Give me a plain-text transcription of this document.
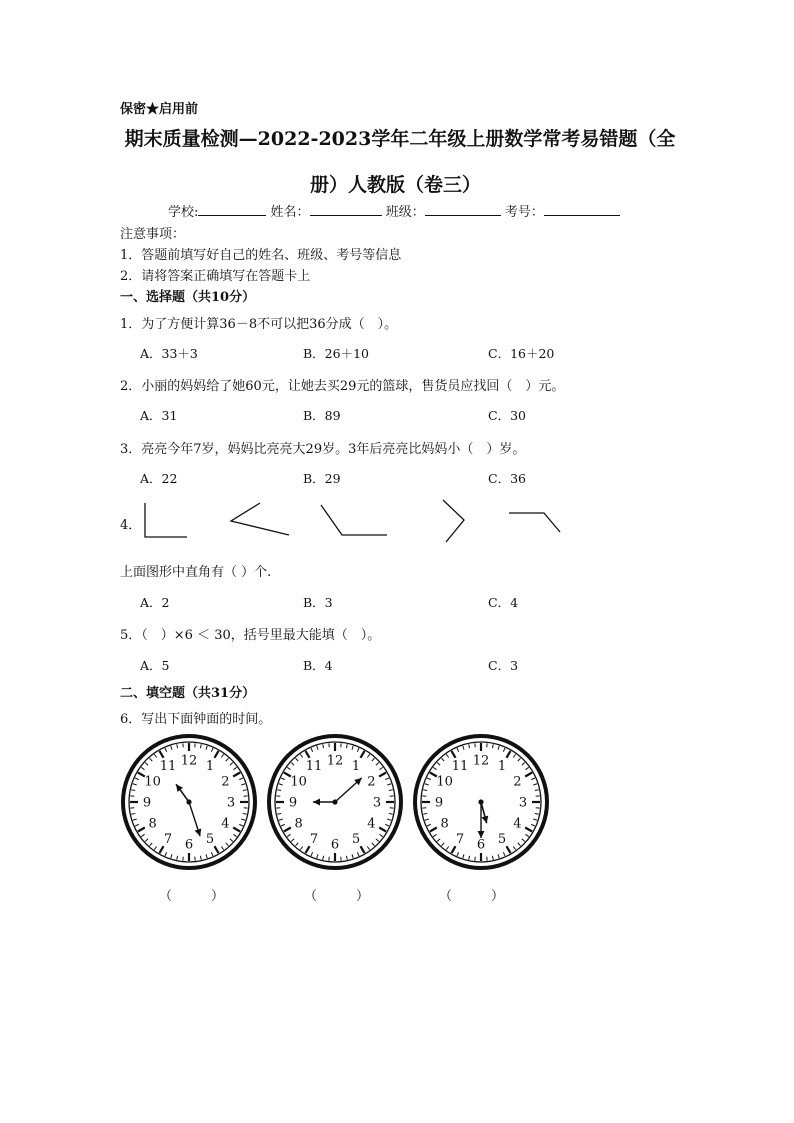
保密★启用前
期末质量检测—2022-2023学年二年级上册数学常考易错题（全
册）人教版（卷三）
学校:	姓名：	班级：	考号：
注意事项：
1．答题前填写好自己的姓名、班级、考号等信息
2．请将答案正确填写在答题卡上
一、选择题（共10分）
1．为了方便计算36－8不可以把36分成（　）。
A．33＋3	B．26＋10	C．16＋20
2．小丽的妈妈给了她60元，让她去买29元的篮球，售货员应找回（　）元。
A．31	B．89	C．30
3．亮亮今年7岁，妈妈比亮亮大29岁。3年后亮亮比妈妈小（　）岁。
A．22	B．29	C．36
4．
上面图形中直角有（ ）个.
A．2	B．3	C．4
5．（　）×6 ＜ 30，括号里最大能填（　）。
A．5	B．4	C．3
二、填空题（共31分）
6．写出下面钟面的时间。
12 1
2
3
4
5
6
7
8
9
10
11	12 1
2
3
4
5
6
7
8
9
10
11	12 1
2
3
4
5
6
7
8
9
10
11
（　　　）	（　　　）	（　　　）
